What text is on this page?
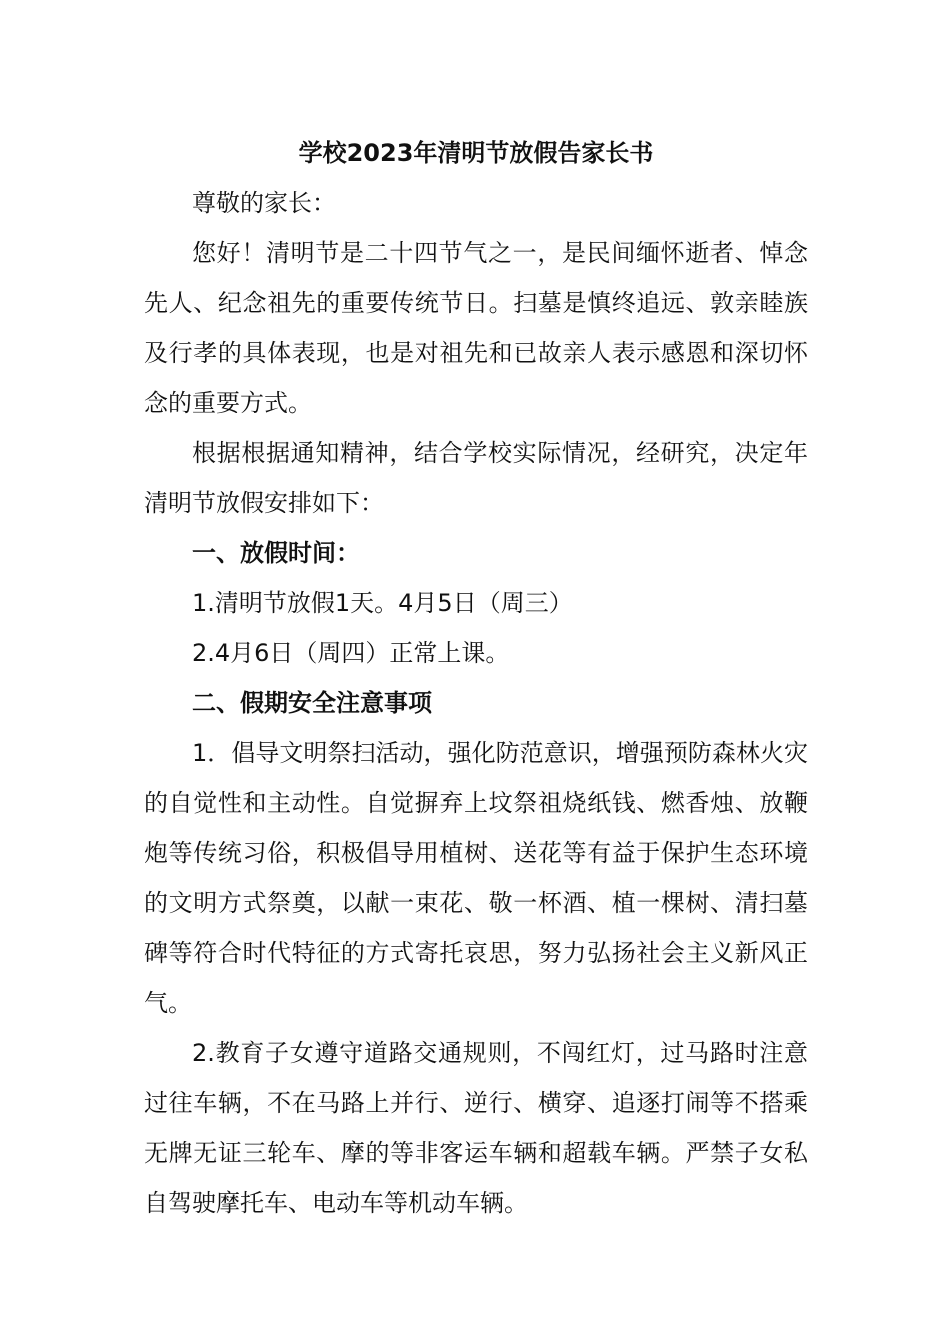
学校2023年清明节放假告家长书

尊敬的家长：

您好！清明节是二十四节气之一，是民间缅怀逝者、悼念先人、纪念祖先的重要传统节日。扫墓是慎终追远、敦亲睦族及行孝的具体表现，也是对祖先和已故亲人表示感恩和深切怀念的重要方式。

根据根据通知精神，结合学校实际情况，经研究，决定年清明节放假安排如下：

一、放假时间：

1.清明节放假1天。4月5日（周三）

2.4月6日（周四）正常上课。

二、假期安全注意事项

1．倡导文明祭扫活动，强化防范意识，增强预防森林火灾的自觉性和主动性。自觉摒弃上坟祭祖烧纸钱、燃香烛、放鞭炮等传统习俗，积极倡导用植树、送花等有益于保护生态环境的文明方式祭奠，以献一束花、敬一杯酒、植一棵树、清扫墓碑等符合时代特征的方式寄托哀思，努力弘扬社会主义新风正气。

2.教育子女遵守道路交通规则，不闯红灯，过马路时注意过往车辆，不在马路上并行、逆行、横穿、追逐打闹等不搭乘无牌无证三轮车、摩的等非客运车辆和超载车辆。严禁子女私自驾驶摩托车、电动车等机动车辆。
